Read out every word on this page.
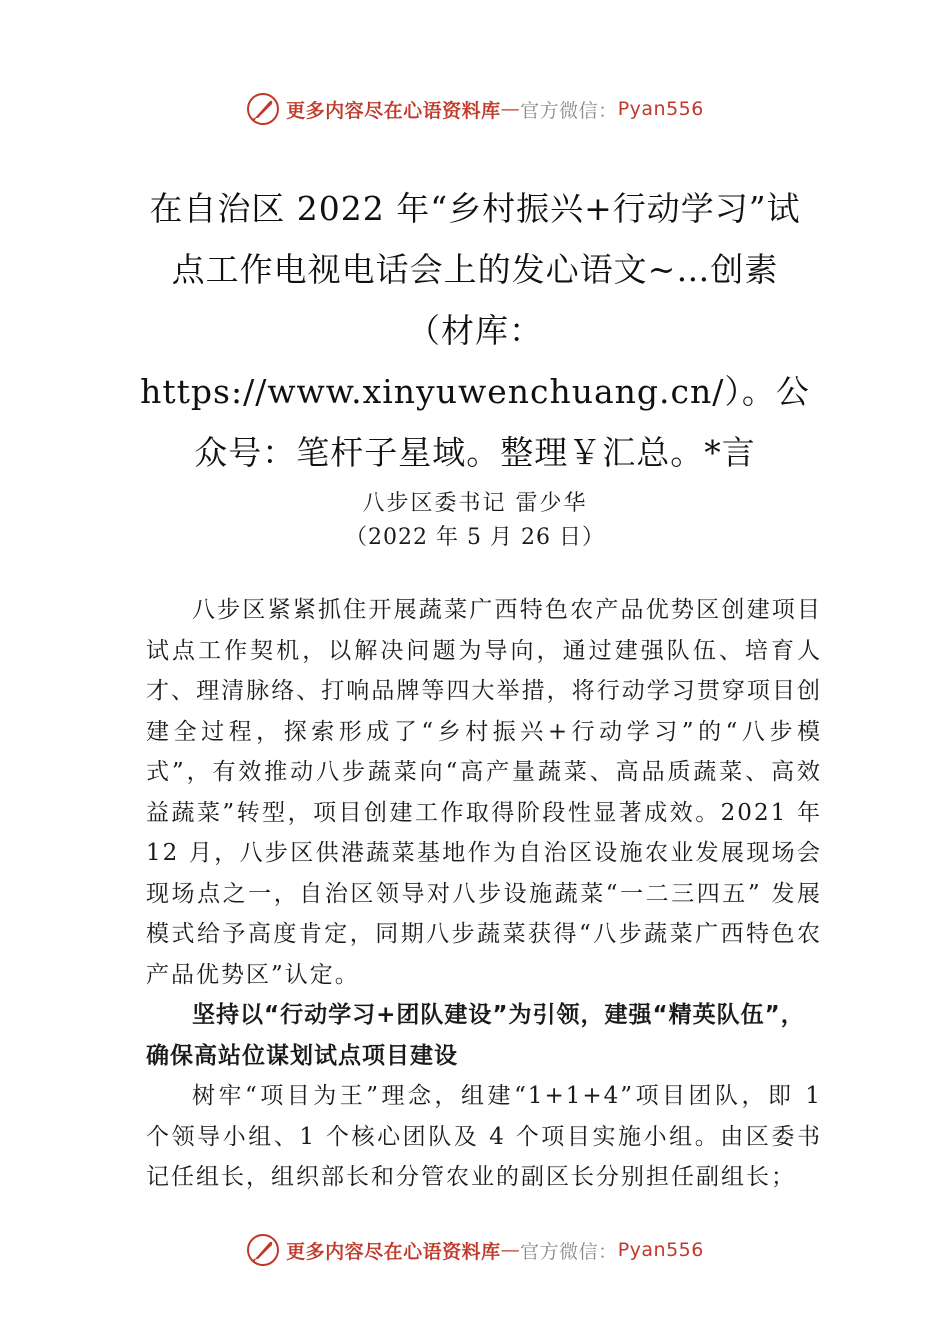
更多内容尽在心语资料库 — 官方微信： Pyan556
在自治区 2022 年“乡村振兴+行动学习”试点工作电视电话会上的发心语文~…创素（材库：https://www.xinyuwenchuang.cn/）。公众号：笔杆子星域。整理￥汇总。*言
八步区委书记 雷少华
（2022 年 5 月 26 日）

八步区紧紧抓住开展蔬菜广西特色农产品优势区创建项目试点工作契机，以解决问题为导向，通过建强队伍、培育人才、理清脉络、打响品牌等四大举措，将行动学习贯穿项目创建全过程，探索形成了“乡村振兴+行动学习”的“八步模式”，有效推动八步蔬菜向“高产量蔬菜、高品质蔬菜、高效益蔬菜”转型，项目创建工作取得阶段性显著成效。2021 年 12 月，八步区供港蔬菜基地作为自治区设施农业发展现场会现场点之一，自治区领导对八步设施蔬菜“一二三四五” 发展模式给予高度肯定，同期八步蔬菜获得“八步蔬菜广西特色农产品优势区”认定。

坚持以“行动学习+团队建设”为引领，建强“精英队伍”，
确保高站位谋划试点项目建设

树牢“项目为王”理念，组建“1+1+4”项目团队，即 1 个领导小组、1 个核心团队及 4 个项目实施小组。由区委书记任组长，组织部长和分管农业的副区长分别担任副组长；

更多内容尽在心语资料库 — 官方微信： Pyan556
